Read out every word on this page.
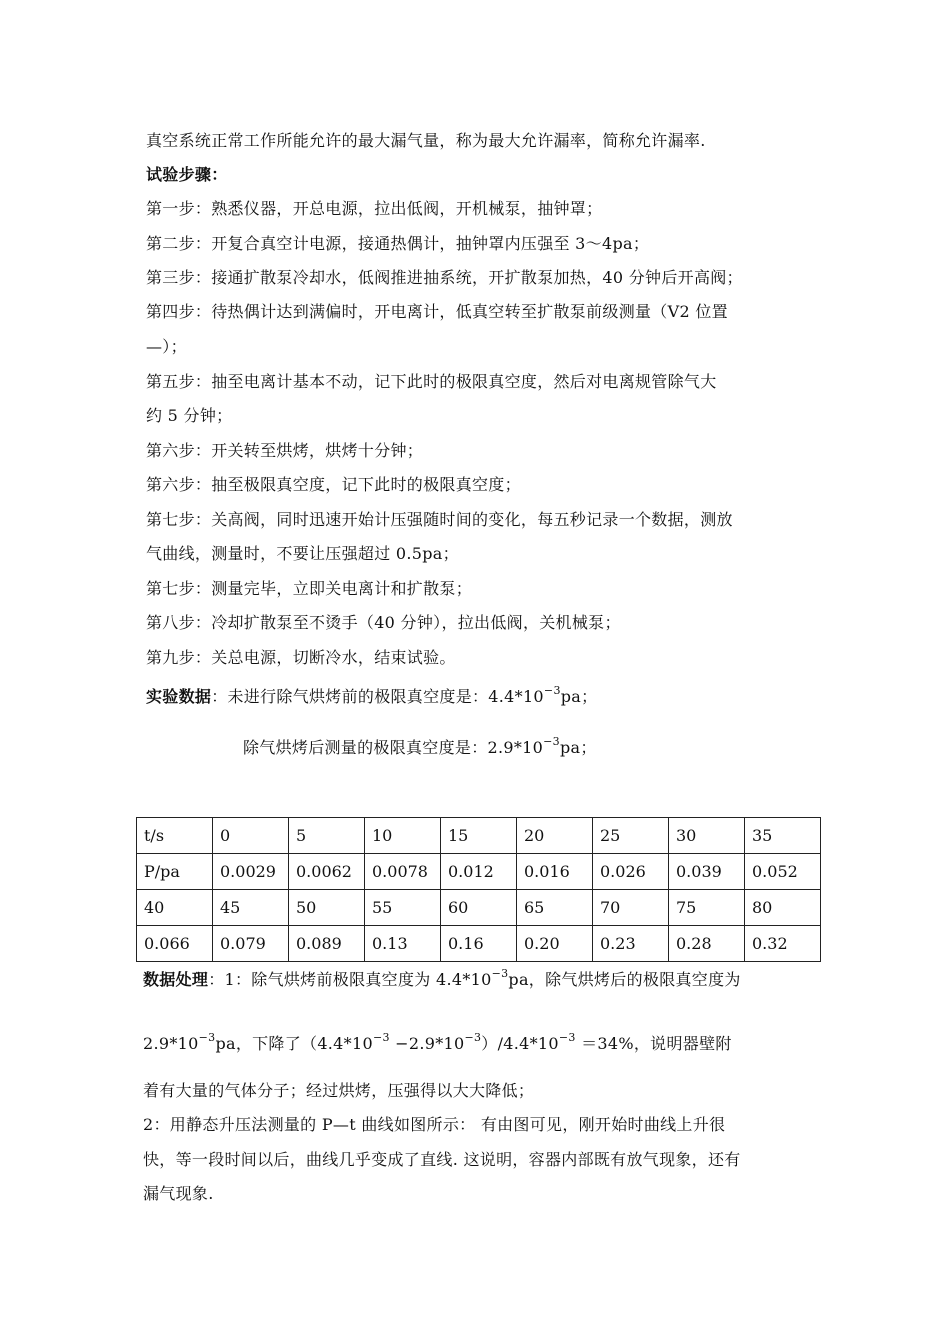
真空系统正常工作所能允许的最大漏气量，称为最大允许漏率，简称允许漏率.
试验步骤：
第一步：熟悉仪器，开总电源，拉出低阀，开机械泵，抽钟罩；
第二步：开复合真空计电源，接通热偶计，抽钟罩内压强至 3～4pa；
第三步：接通扩散泵冷却水，低阀推进抽系统，开扩散泵加热，40 分钟后开高阀；
第四步：待热偶计达到满偏时，开电离计，低真空转至扩散泵前级测量（V2 位置
—）；
第五步：抽至电离计基本不动，记下此时的极限真空度，然后对电离规管除气大
约 5 分钟；
第六步：开关转至烘烤，烘烤十分钟；
第六步：抽至极限真空度，记下此时的极限真空度；
第七步：关高阀，同时迅速开始计压强随时间的变化，每五秒记录一个数据，测放
气曲线，测量时，不要让压强超过 0.5pa；
第七步：测量完毕，立即关电离计和扩散泵；
第八步：冷却扩散泵至不烫手（40 分钟），拉出低阀，关机械泵；
第九步：关总电源，切断冷水，结束试验。
实验数据：未进行除气烘烤前的极限真空度是：$4.4*10^{-3}pa$；
除气烘烤后测量的极限真空度是：$2.9*10^{-3}pa$；
t/s	0	5	10	15	20	25	30	35
P/pa	0.0029	0.0062	0.0078	0.012	0.016	0.026	0.039	0.052
40	45	50	55	60	65	70	75	80
0.066	0.079	0.089	0.13	0.16	0.20	0.23	0.28	0.32
数据处理：1：除气烘烤前极限真空度为 $4.4*10^{-3}pa$，除气烘烤后的极限真空度为
$2.9*10^{-3}pa$，下降了$(4.4*10^{-3} -2.9*10^{-3})/4.4*10^{-3} =34\%$，说明器壁附
着有大量的气体分子；经过烘烤，压强得以大大降低；
2：用静态升压法测量的 P—t 曲线如图所示： 有由图可见，刚开始时曲线上升很
快，等一段时间以后，曲线几乎变成了直线. 这说明，容器内部既有放气现象，还有
漏气现象.
